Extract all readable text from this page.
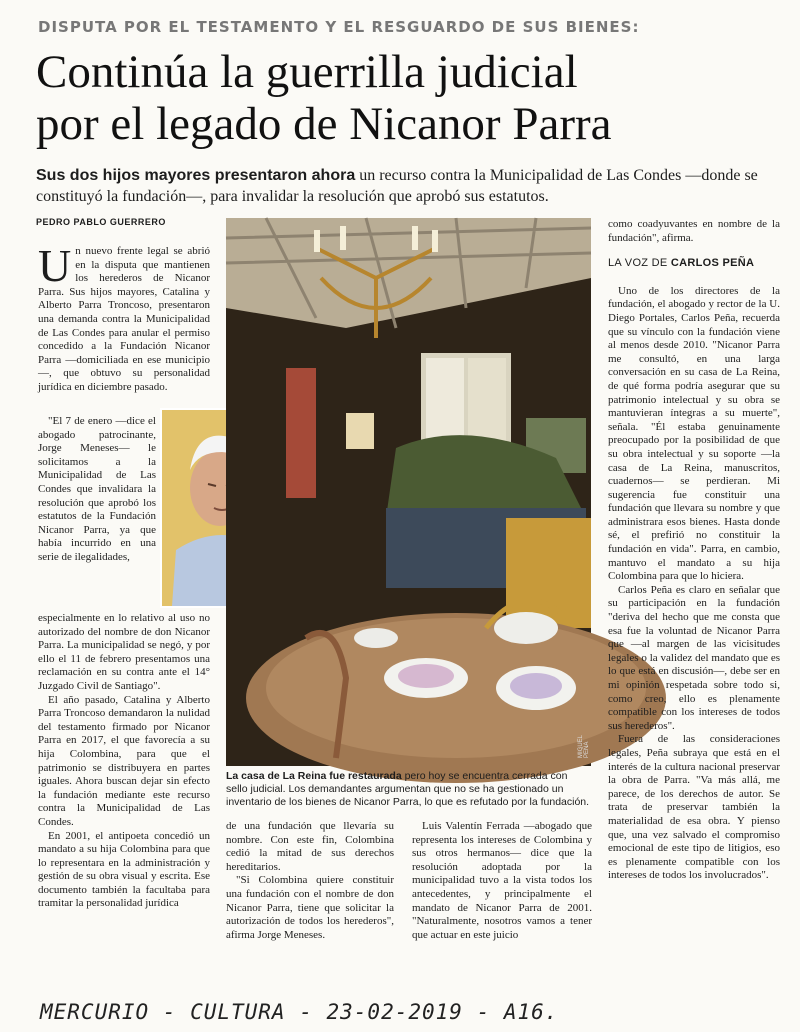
DISPUTA POR EL TESTAMENTO Y EL RESGUARDO DE SUS BIENES:
Continúa la guerrilla judicial
por el legado de Nicanor Parra
Sus dos hijos mayores presentaron ahora un recurso contra la Municipalidad de Las Condes —donde se constituyó la fundación—, para invalidar la resolución que aprobó sus estatutos.
PEDRO PABLO GUERRERO

Un nuevo frente legal se abrió en la disputa que mantienen los herederos de Nicanor Parra. Sus hijos mayores, Catalina y Alberto Parra Troncoso, presentaron una demanda contra la Municipalidad de Las Condes para anular el permiso concedido a la Fundación Nicanor Parra —domiciliada en ese municipio—, que obtuvo su personalidad jurídica en diciembre pasado.

"El 7 de enero —dice el abogado patrocinante, Jorge Meneses— le solicitamos a la Municipalidad de Las Condes que invalidara la resolución que aprobó los estatutos de la Fundación Nicanor Parra, ya que había incurrido en una serie de ilegalidades,

especialmente en lo relativo al uso no autorizado del nombre de don Nicanor Parra. La municipalidad se negó, y por ello el 11 de febrero presentamos una reclamación en su contra ante el 14° Juzgado Civil de Santiago".

El año pasado, Catalina y Alberto Parra Troncoso demandaron la nulidad del testamento firmado por Nicanor Parra en 2017, el que favorecía a su hija Colombina, para que el patrimonio se distribuyera en partes iguales. Ahora buscan dejar sin efecto la fundación mediante este recurso contra la Municipalidad de Las Condes.

En 2001, el antipoeta concedió un mandato a su hija Colombina para que lo representara en la administración y gestión de su obra visual y escrita. Ese documento también la facultaba para tramitar la personalidad jurídica

MIGUEL PEÑA
La casa de La Reina fue restaurada pero hoy se encuentra cerrada con sello judicial. Los demandantes argumentan que no se ha gestionado un inventario de los bienes de Nicanor Parra, lo que es refutado por la fundación.

de una fundación que llevaría su nombre. Con este fin, Colombina cedió la mitad de sus derechos hereditarios.

"Si Colombina quiere constituir una fundación con el nombre de don Nicanor Parra, tiene que solicitar la autorización de todos los herederos", afirma Jorge Meneses.

Luis Valentín Ferrada —abogado que representa los intereses de Colombina y sus otros hermanos— dice que la resolución adoptada por la municipalidad tuvo a la vista todos los antecedentes, y principalmente el mandato de Nicanor Parra de 2001. "Naturalmente, nosotros vamos a tener que actuar en este juicio

como coadyuvantes en nombre de la fundación", afirma.

LA VOZ DE CARLOS PEÑA

Uno de los directores de la fundación, el abogado y rector de la U. Diego Portales, Carlos Peña, recuerda que su vínculo con la fundación viene al menos desde 2010. "Nicanor Parra me consultó, en una larga conversación en su casa de La Reina, de qué forma podría asegurar que su patrimonio intelectual y su obra se mantuvieran íntegras a su muerte", señala. "Él estaba genuinamente preocupado por la posibilidad de que su obra intelectual y su soporte —la casa de La Reina, manuscritos, cuadernos— se perdieran. Mi sugerencia fue constituir una fundación que llevara su nombre y que administrara esos bienes. Hasta donde sé, el prefirió no constituir la fundación en vida". Parra, en cambio, mantuvo el mandato a su hija Colombina para que lo hiciera.

Carlos Peña es claro en señalar que su participación en la fundación "deriva del hecho que me consta que esa fue la voluntad de Nicanor Parra que —al margen de las vicisitudes legales o la validez del mandato que es lo que está en discusión—, debe ser en mi opinión respetada sobre todo si, como creo, ello es plenamente compatible con los intereses de todos sus herederos".

Fuera de las consideraciones legales, Peña subraya que está en el interés de la cultura nacional preservar la obra de Parra. "Va más allá, me parece, de los derechos de autor. Se trata de preservar también la materialidad de esa obra. Y pienso que, una vez salvado el compromiso emocional de este tipo de litigios, eso es plenamente compatible con los intereses de todos los involucrados".

MERCURIO - CULTURA - 23-02-2019 - A16.
